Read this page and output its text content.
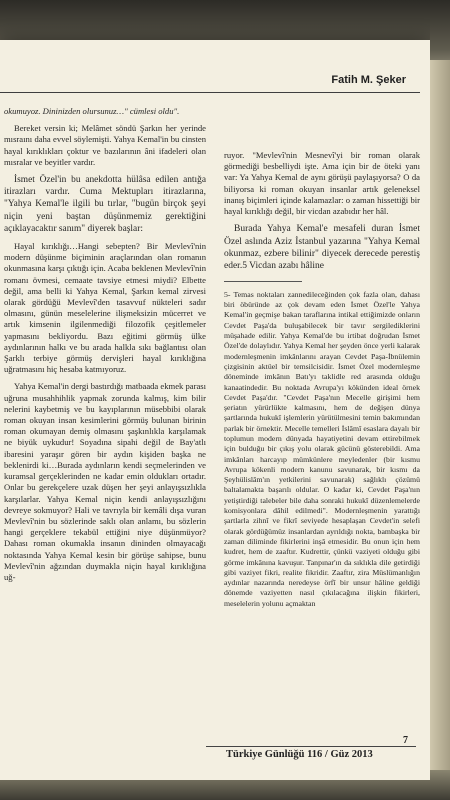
Fatih M. Şeker

okumuyoz. Dininizden olursunuz…" cümlesi oldu".

Bereket versin ki; Melâmet söndü Şarkın her yerinde mısraını daha evvel söylemişti. Yahya Kemal'in bu cinsten hayal kırıklıkları çoktur ve bazılarının âni ifadeleri olan mısralar ve beyitler vardır.

İsmet Özel'in bu anekdotta hülâsa edilen antığa itirazları vardır. Cuma Mektupları itirazlarına, "Yahya Kemal'le ilgili bu tırlar, "bugün birçok şeyi niçin yeni baştan düşünmemiz gerektiğini açıklayacaktır sanım" diyerek başlar:

Hayal kırıklığı…Hangi sebepten? Bir Mevlevî'nin modern düşünme biçiminin araçlarından olan romanın okunmasına karşı çıktığı için. Acaba beklenen Mevlevî'nin romanı övmesi, cemaate tavsiye etmesi miydi? Elbette değil, ama belli ki Yahya Kemal, Şarkın kemal zirvesi olarak gördüğü Mevlevî'den tasavvuf nükteleri sadır olmasını, günün meselelerine ilişmeksizin mücerret ve artık kimsenin ilgilenmediği filozofik çeşitlemeler yapmasını bekliyordu. Bazı eğitimi görmüş ülke aydınlarının halkı ve bu arada halkla sıkı bağlantısı olan Şarklı terbiye görmüş dervişleri hayal kırıklığına uğratmasını hiç hesaba katmıyoruz.

Yahya Kemal'in dergi bastırdığı matbaada ekmek parası uğruna musahhihlik yapmak zorunda kalmış, kim bilir nelerini kaybetmiş ve bu kayıplarının müsebbibi olarak roman okuyan insan kesimlerini görmüş bulunan birinin roman okumayan demiş olmasını şaşkınlıkla karşılamak ne biyük uykudur! Soyadına sipahi değil de Bay'atlı ibaresini yaraşır gören bir aydın kişiden başka ne beklenirdi ki…Burada aydınların kendi seçmelerinden ve kuramsal gerçeklerinden ne kadar emin oldukları ortadır. Onlar bu gerekçelere uzak düşen her şeyi anlayışsızlıkla karşılarlar. Yahya Kemal niçin kendi anlayışsızlığını devreye sokmuyor? Hali ve tavrıyla bir kemâli dışa vuran Mevlevî'nin bu sözlerinde saklı olan anlamı, bu sözlerin hangi gerçeklere tekabül ettiğini niye düşünmüyor? Dahası roman okumakla insanın dininden olmayacağı noktasında Yahya Kemal kesin bir görüşe sahipse, bunu Mevlevî'nin ağzından duymakla niçin hayal kırıklığına uğ-

ruyor. "Mevlevî'nin Mesnevî'yi bir roman olarak görmediği besbelliydi işte. Ama için bir de öteki yanı var: Ya Yahya Kemal de aynı görüşü paylaşıyorsa? O da biliyorsa ki roman okuyan insanlar artık geleneksel inanış biçimleri içinde kalamazlar: o zaman hissettiği bir hayal kırıklığı değil, bir vicdan azabıdır her hâl.

Burada Yahya Kemal'e mesafeli duran İsmet Özel aslında Aziz İstanbul yazarına "Yahya Kemal okunmaz, ezbere bilinir" diyecek derecede perestiş eder.5 Vicdan azabı hâline

5- Temas noktaları zannedileceğinden çok fazla olan, dahası biri öbüründe az çok devam eden İsmet Özel'le Yahya Kemal'in geçmişe bakan taraflarına intikal ettiğimizde onların Cevdet Paşa'da buluşabilecek bir tavır sergilediklerini müşahade edilir. Yahya Kemal'de bu irtibat doğrudan İsmet Özel'de dolaylıdır. Yahya Kemal her şeyden önce yerli kalarak modernleşmenin imkânlarını arayan Cevdet Paşa-İbnülemin çizgisinin aktüel bir temsilcisidir. İsmet Özel modernleşme döneminde imkânın Batı'yı taklidle red arasında olduğu kanaatindedir. Bu noktada Avrupa'yı kökünden ideal örnek Cevdet Paşa'dır. "Cevdet Paşa'nın Mecelle girişimi hem şeriatın yürürlükte kalmasını, hem de değişen dünya şartlarında hukukî işlemlerin yürütülmesini temin bakımından parlak bir örnektir. Mecelle temelleri İslâmî esaslara dayalı bir toplumun modern dünyada hayatiyetini devam ettirebilmek için bulduğu bir çıkış yolu olarak gücünü gösterebildi. Ama imkânları harcayıp mümkünlere meyledenler (bir kısmu Avrupa kökenli modern kanunu savunarak, bir kısmı da Şeyhülislâm'ın yetkilerini savunarak) sağlıklı çözümü baltalamakta başarılı oldular. O kadar ki, Cevdet Paşa'nın yetiştirdiği talebeler bile daha sonraki hukukî düzenlemelerde komisyonlara dâhil edilmedi". Modernleşmenin yarattığı şartlarla zihnî ve fikrî seviyede hesaplaşan Cevdet'in selefi olarak gördüğümüz insanlardan ayrıldığı nokta, bambaşka bir zaman diliminde fikirlerini inşâ etmesidir. Bu onun için hem kudret, hem de zaaftır. Kudrettir, çünkü vaziyeti olduğu gibi görme imkânına kavuşur. Tanpınar'ın da sıklıkla dile getirdiği gibi vaziyet fikri, realite fikridir. Zaaftır, zira Müslümanlığın aydınlar nazarında neredeyse örfî bir unsur hâline geldiği dönemde vaziyetten nasıl çıkılacağına ilişkin fikirleri, meselelerin yolunu açmaktan
7
Türkiye Günlüğü 116 / Güz 2013
